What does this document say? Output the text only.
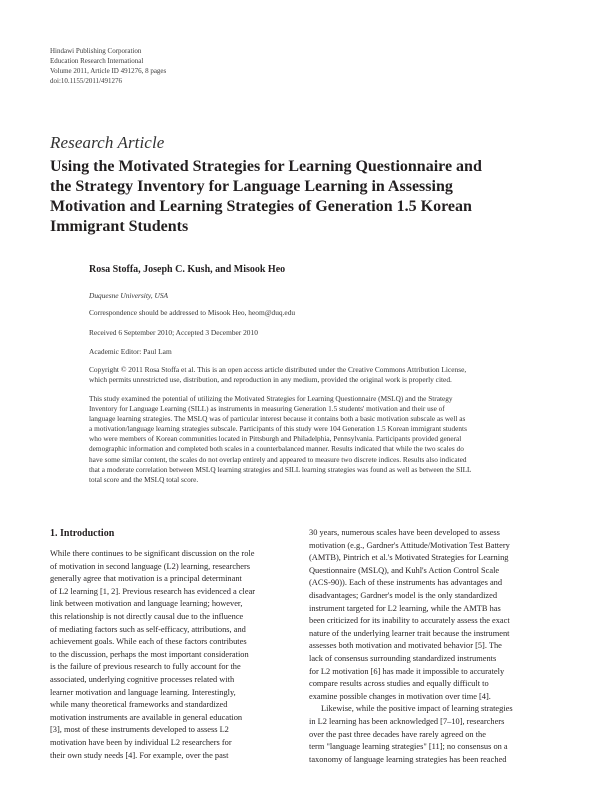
Hindawi Publishing Corporation
Education Research International
Volume 2011, Article ID 491276, 8 pages
doi:10.1155/2011/491276
Research Article
Using the Motivated Strategies for Learning Questionnaire and
the Strategy Inventory for Language Learning in Assessing
Motivation and Learning Strategies of Generation 1.5 Korean
Immigrant Students
Rosa Stoffa, Joseph C. Kush, and Misook Heo
Duquesne University, USA
Correspondence should be addressed to Misook Heo, heom@duq.edu
Received 6 September 2010; Accepted 3 December 2010
Academic Editor: Paul Lam
Copyright © 2011 Rosa Stoffa et al. This is an open access article distributed under the Creative Commons Attribution License,
which permits unrestricted use, distribution, and reproduction in any medium, provided the original work is properly cited.
This study examined the potential of utilizing the Motivated Strategies for Learning Questionnaire (MSLQ) and the Strategy
Inventory for Language Learning (SILL) as instruments in measuring Generation 1.5 students' motivation and their use of
language learning strategies. The MSLQ was of particular interest because it contains both a basic motivation subscale as well as
a motivation/language learning strategies subscale. Participants of this study were 104 Generation 1.5 Korean immigrant students
who were members of Korean communities located in Pittsburgh and Philadelphia, Pennsylvania. Participants provided general
demographic information and completed both scales in a counterbalanced manner. Results indicated that while the two scales do
have some similar content, the scales do not overlap entirely and appeared to measure two discrete indices. Results also indicated
that a moderate correlation between MSLQ learning strategies and SILL learning strategies was found as well as between the SILL
total score and the MSLQ total score.
1. Introduction
While there continues to be significant discussion on the role
of motivation in second language (L2) learning, researchers
generally agree that motivation is a principal determinant
of L2 learning [1, 2]. Previous research has evidenced a clear
link between motivation and language learning; however,
this relationship is not directly causal due to the influence
of mediating factors such as self-efficacy, attributions, and
achievement goals. While each of these factors contributes
to the discussion, perhaps the most important consideration
is the failure of previous research to fully account for the
associated, underlying cognitive processes related with
learner motivation and language learning. Interestingly,
while many theoretical frameworks and standardized
motivation instruments are available in general education
[3], most of these instruments developed to assess L2
motivation have been by individual L2 researchers for
their own study needs [4]. For example, over the past
30 years, numerous scales have been developed to assess
motivation (e.g., Gardner's Attitude/Motivation Test Battery
(AMTB), Pintrich et al.'s Motivated Strategies for Learning
Questionnaire (MSLQ), and Kuhl's Action Control Scale
(ACS-90)). Each of these instruments has advantages and
disadvantages; Gardner's model is the only standardized
instrument targeted for L2 learning, while the AMTB has
been criticized for its inability to accurately assess the exact
nature of the underlying learner trait because the instrument
assesses both motivation and motivated behavior [5]. The
lack of consensus surrounding standardized instruments
for L2 motivation [6] has made it impossible to accurately
compare results across studies and equally difficult to
examine possible changes in motivation over time [4].
Likewise, while the positive impact of learning strategies
in L2 learning has been acknowledged [7–10], researchers
over the past three decades have rarely agreed on the
term "language learning strategies" [11]; no consensus on a
taxonomy of language learning strategies has been reached
